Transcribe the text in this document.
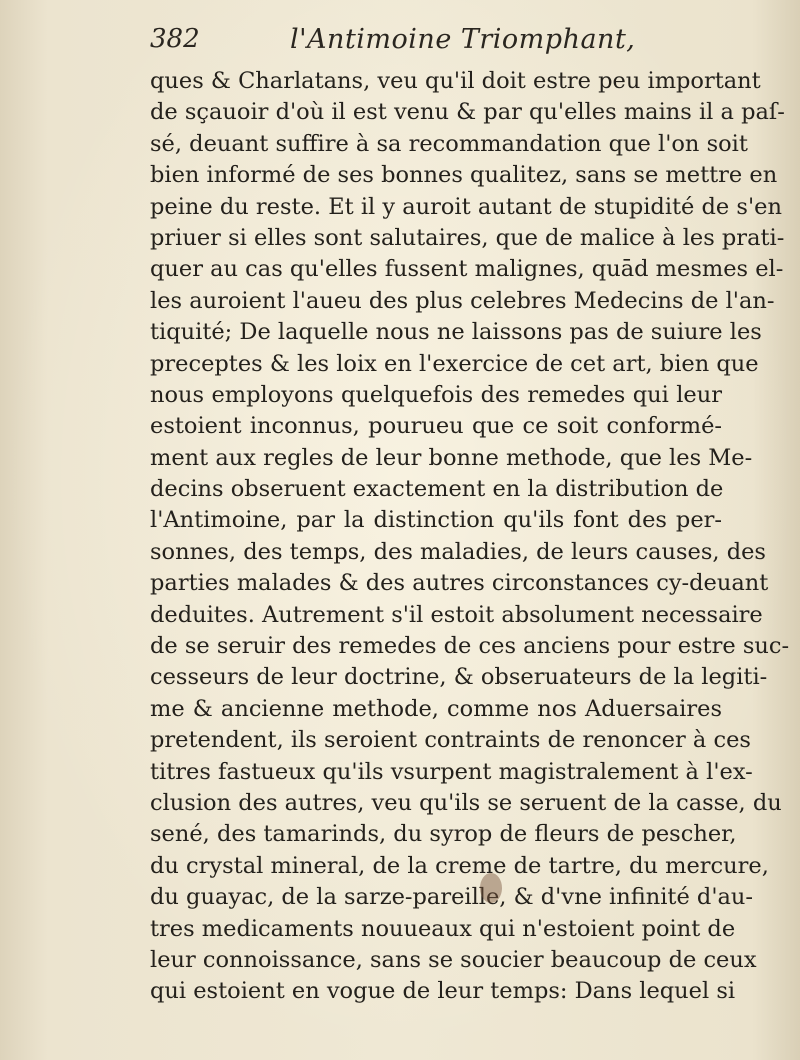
382	l'Antimoine Triomphant,
ques & Charlatans, veu qu'il doit estre peu important
de sçauoir d'où il est venu & par qu'elles mains il a paſ-
sé, deuant suffire à sa recommandation que l'on soit
bien informé de ses bonnes qualitez, sans se mettre en
peine du reste. Et il y auroit autant de stupidité de s'en
priuer si elles sont salutaires, que de malice à les prati-
quer au cas qu'elles fussent malignes, quād mesmes el-
les auroient l'aueu des plus celebres Medecins de l'an-
tiquité; De laquelle nous ne laissons pas de suiure les
preceptes & les loix en l'exercice de cet art, bien que
nous employons quelquefois des remedes qui leur
estoient inconnus, pourueu que ce soit conformé-
ment aux regles de leur bonne methode, que les Me-
decins obseruent exactement en la distribution de
l'Antimoine, par la distinction qu'ils font des per-
sonnes, des temps, des maladies, de leurs causes, des
parties malades & des autres circonstances cy-deuant
deduites. Autrement s'il estoit absolument necessaire
de se seruir des remedes de ces anciens pour estre suc-
cesseurs de leur doctrine, & obseruateurs de la legiti-
me & ancienne methode, comme nos Aduersaires
pretendent, ils seroient contraints de renoncer à ces
titres fastueux qu'ils vsurpent magistralement à l'ex-
clusion des autres, veu qu'ils se seruent de la casse, du
sené, des tamarinds, du syrop de fleurs de pescher,
du crystal mineral, de la creme de tartre, du mercure,
du guayac, de la sarze-pareille, & d'vne infinité d'au-
tres medicaments nouueaux qui n'estoient point de
leur connoissance, sans se soucier beaucoup de ceux
qui estoient en vogue de leur temps: Dans lequel si
